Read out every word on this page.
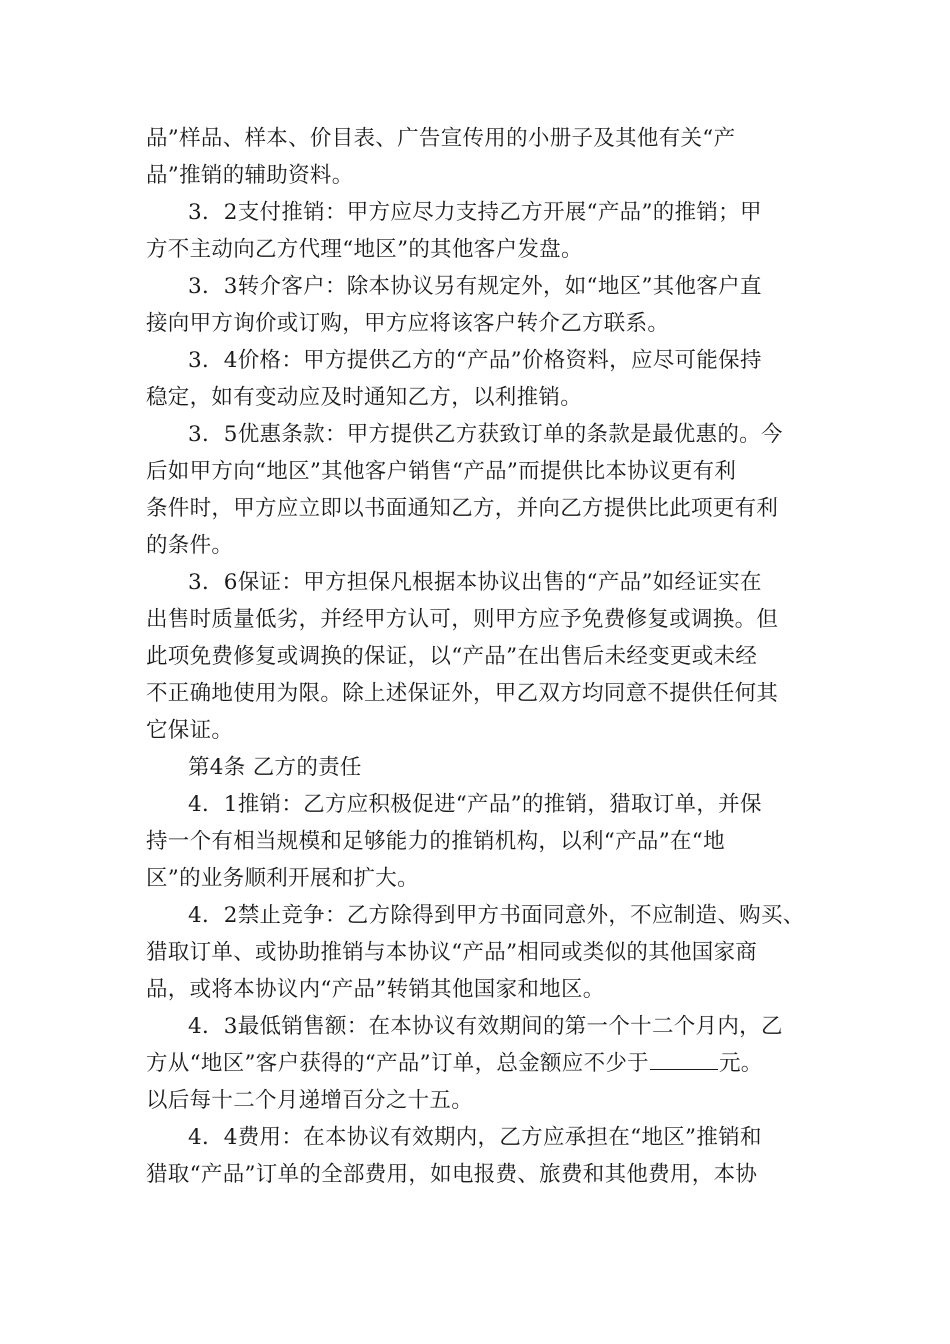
品”样品、样本、价目表、广告宣传用的小册子及其他有关“产
品”推销的辅助资料。
3．2支付推销：甲方应尽力支持乙方开展“产品”的推销；甲
方不主动向乙方代理“地区”的其他客户发盘。
3．3转介客户：除本协议另有规定外，如“地区”其他客户直
接向甲方询价或订购，甲方应将该客户转介乙方联系。
3．4价格：甲方提供乙方的“产品”价格资料，应尽可能保持
稳定，如有变动应及时通知乙方，以利推销。
3．5优惠条款：甲方提供乙方获致订单的条款是最优惠的。今
后如甲方向“地区”其他客户销售“产品”而提供比本协议更有利
条件时，甲方应立即以书面通知乙方，并向乙方提供比此项更有利
的条件。
3．6保证：甲方担保凡根据本协议出售的“产品”如经证实在
出售时质量低劣，并经甲方认可，则甲方应予免费修复或调换。但
此项免费修复或调换的保证，以“产品”在出售后未经变更或未经
不正确地使用为限。除上述保证外，甲乙双方均同意不提供任何其
它保证。
第4条 乙方的责任
4．1推销：乙方应积极促进“产品”的推销，猎取订单，并保
持一个有相当规模和足够能力的推销机构，以利“产品”在“地
区”的业务顺利开展和扩大。
4．2禁止竞争：乙方除得到甲方书面同意外，不应制造、购买、
猎取订单、或协助推销与本协议“产品”相同或类似的其他国家商
品，或将本协议内“产品”转销其他国家和地区。
4．3最低销售额：在本协议有效期间的第一个十二个月内，乙
方从“地区”客户获得的“产品”订单，总金额应不少于	元。
以后每十二个月递增百分之十五。
4．4费用：在本协议有效期内，乙方应承担在“地区”推销和
猎取“产品”订单的全部费用，如电报费、旅费和其他费用，本协
